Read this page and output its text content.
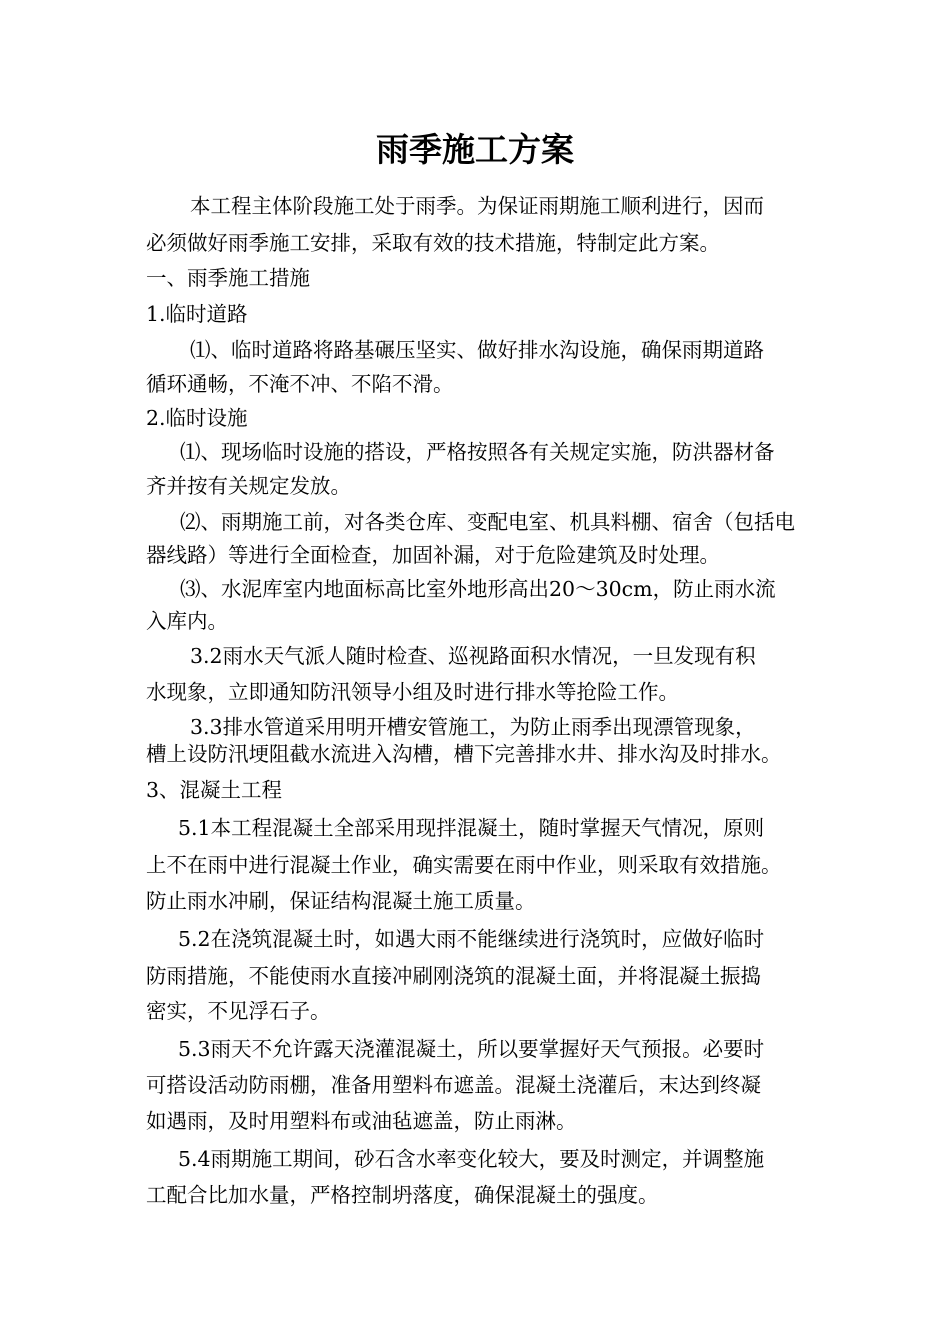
雨季施工方案
本工程主体阶段施工处于雨季。为保证雨期施工顺利进行，因而
必须做好雨季施工安排，采取有效的技术措施，特制定此方案。
一、雨季施工措施
1.临时道路
⑴、临时道路将路基碾压坚实、做好排水沟设施，确保雨期道路
循环通畅，不淹不冲、不陷不滑。
2.临时设施
⑴、现场临时设施的搭设，严格按照各有关规定实施，防洪器材备
齐并按有关规定发放。
⑵、雨期施工前，对各类仓库、变配电室、机具料棚、宿舍（包括电
器线路）等进行全面检查，加固补漏，对于危险建筑及时处理。
⑶、水泥库室内地面标高比室外地形高出20～30cm，防止雨水流
入库内。
3.2雨水天气派人随时检查、巡视路面积水情况，一旦发现有积
水现象，立即通知防汛领导小组及时进行排水等抢险工作。
3.3排水管道采用明开槽安管施工，为防止雨季出现漂管现象，
槽上设防汛埂阻截水流进入沟槽，槽下完善排水井、排水沟及时排水。
3、混凝土工程
5.1本工程混凝土全部采用现拌混凝土，随时掌握天气情况，原则
上不在雨中进行混凝土作业，确实需要在雨中作业，则采取有效措施。
防止雨水冲刷，保证结构混凝土施工质量。
5.2在浇筑混凝土时，如遇大雨不能继续进行浇筑时，应做好临时
防雨措施，不能使雨水直接冲刷刚浇筑的混凝土面，并将混凝土振捣
密实，不见浮石子。
5.3雨天不允许露天浇灌混凝土，所以要掌握好天气预报。必要时
可搭设活动防雨棚，准备用塑料布遮盖。混凝土浇灌后，末达到终凝
如遇雨，及时用塑料布或油毡遮盖，防止雨淋。
5.4雨期施工期间，砂石含水率变化较大，要及时测定，并调整施
工配合比加水量，严格控制坍落度，确保混凝土的强度。
